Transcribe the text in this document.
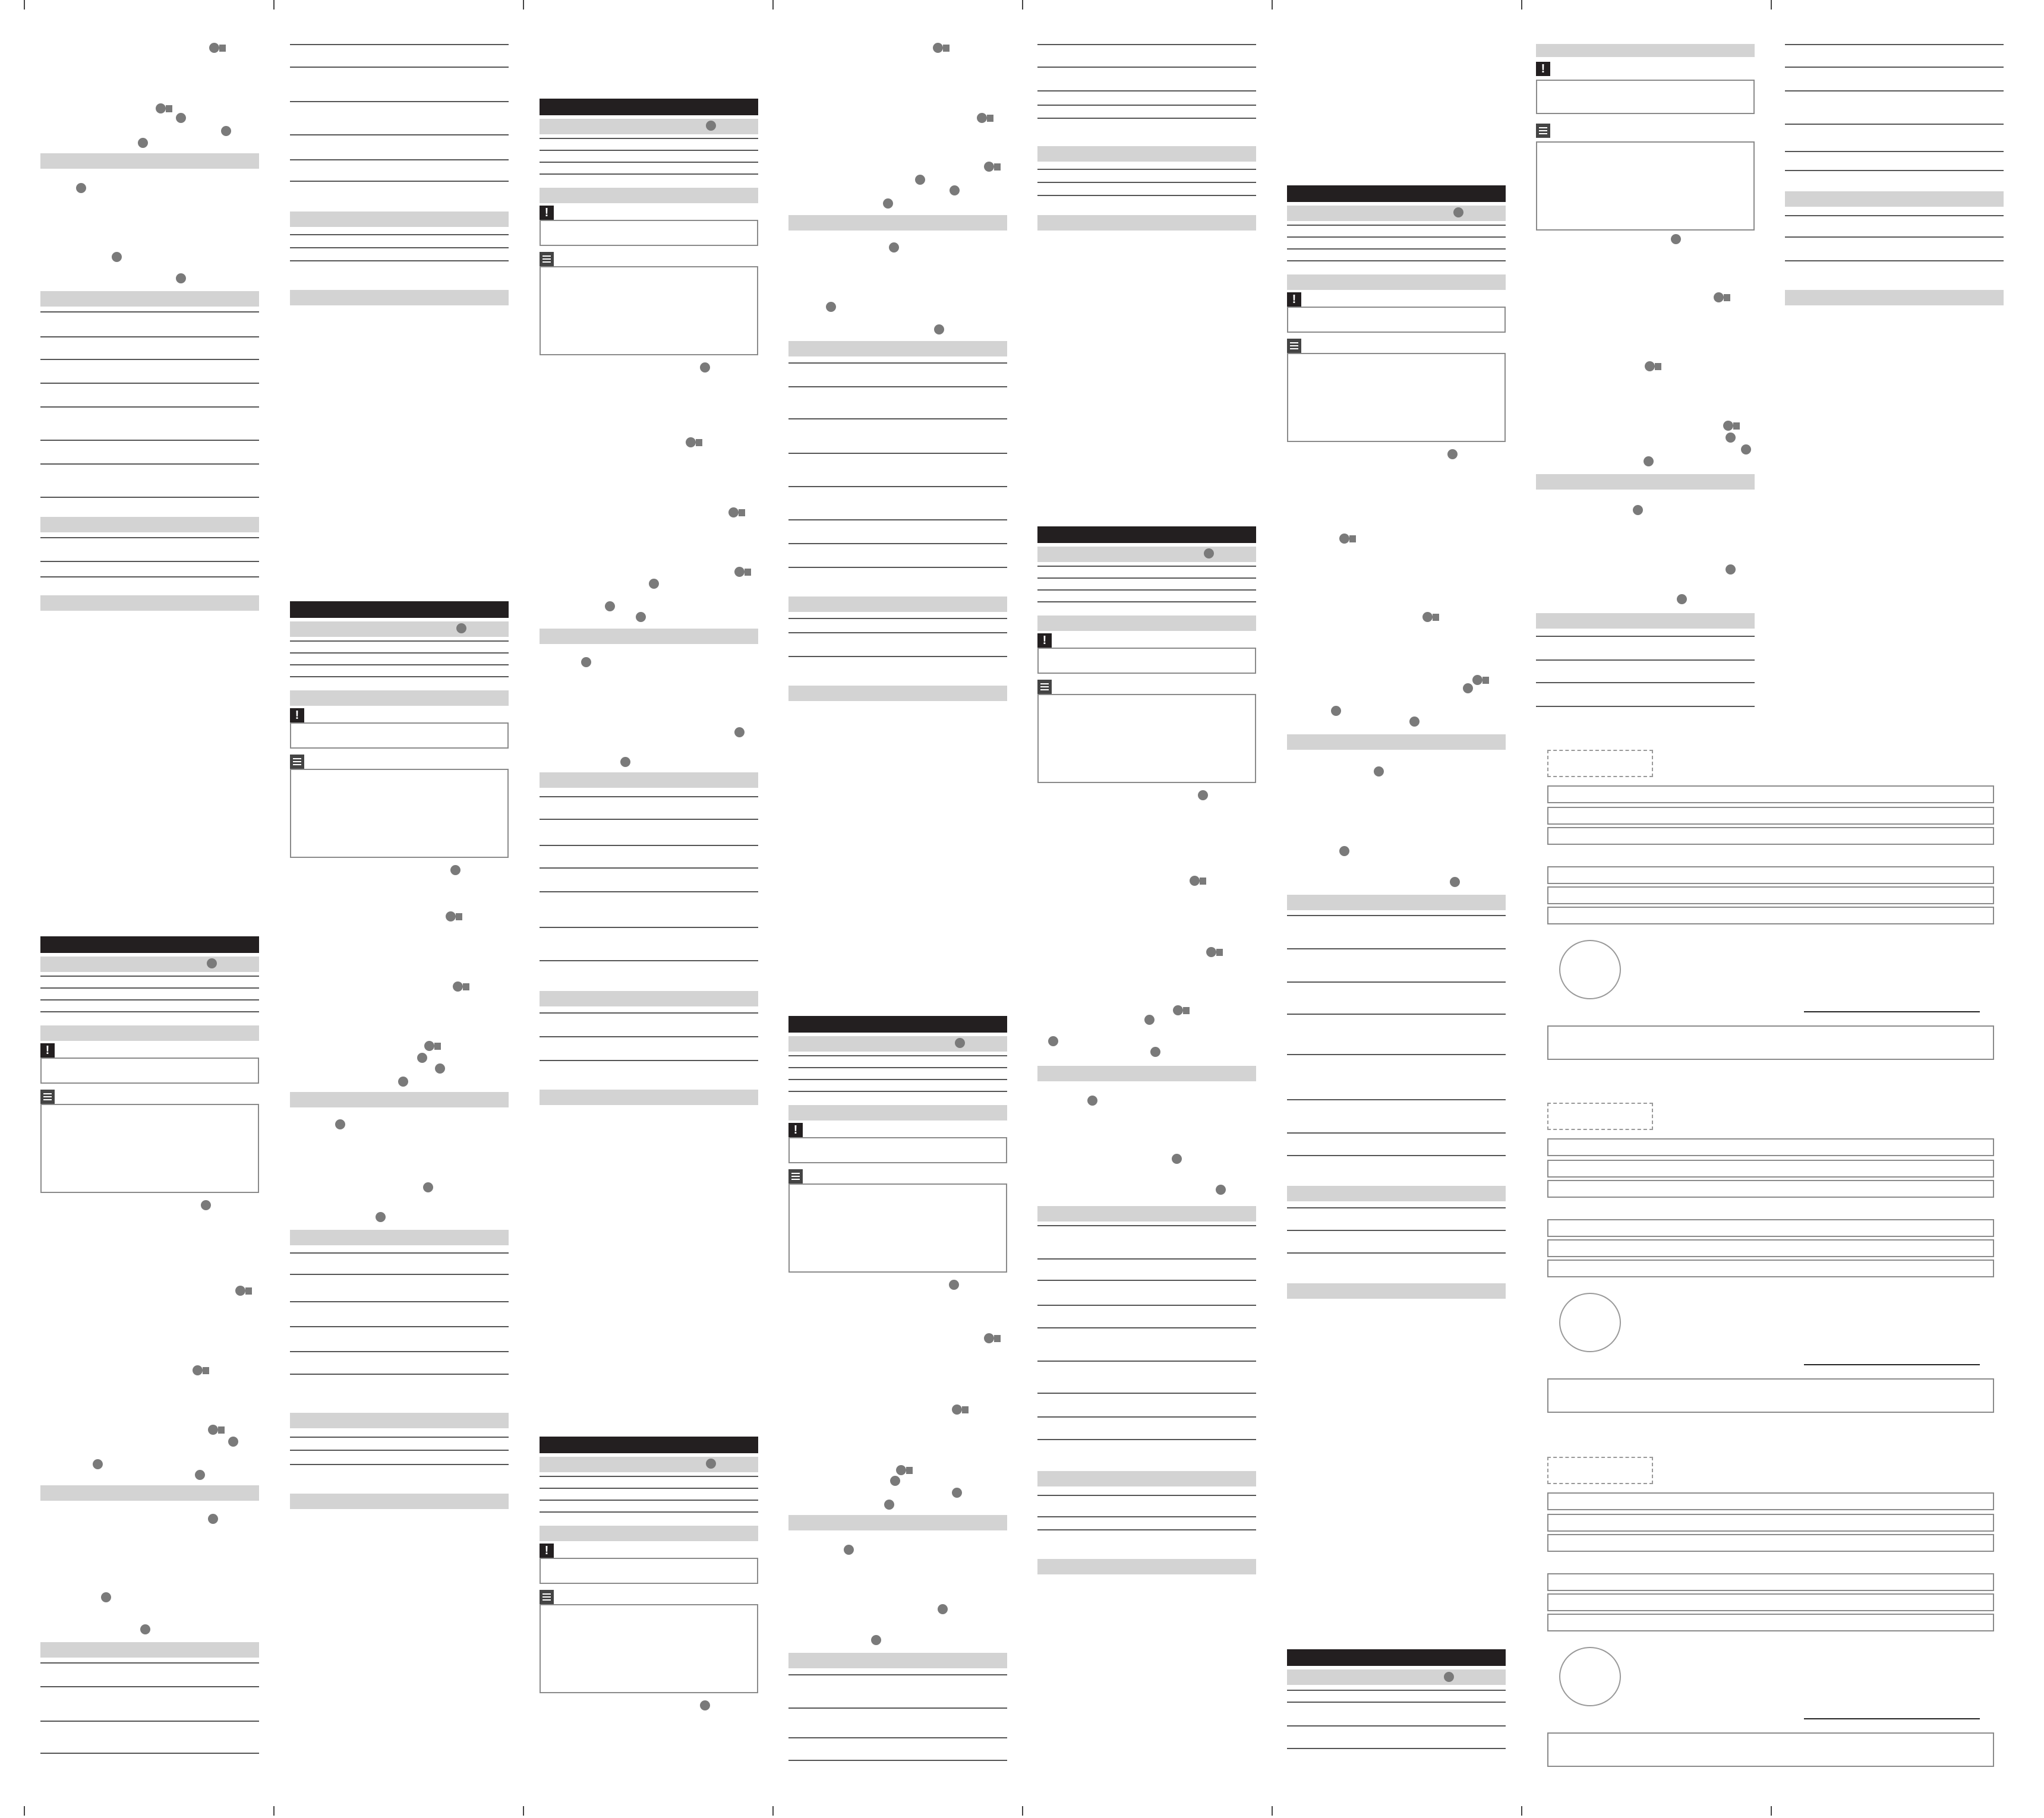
!
!
!
!
!
!
!
!
